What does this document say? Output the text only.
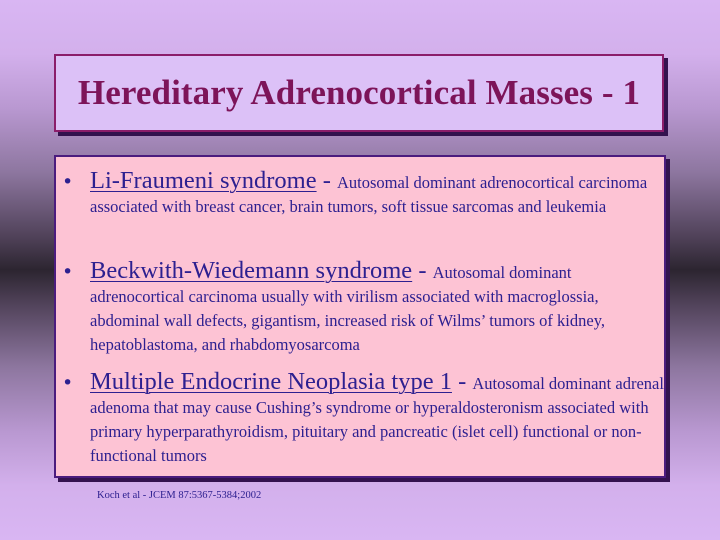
Hereditary Adrenocortical Masses - 1
• Li-Fraumeni syndrome - Autosomal dominant adrenocortical carcinoma associated with breast cancer, brain tumors, soft tissue sarcomas and leukemia
• Beckwith-Wiedemann syndrome - Autosomal dominant adrenocortical carcinoma usually with virilism associated with macroglossia, abdominal wall defects, gigantism, increased risk of Wilms’ tumors of kidney, hepatoblastoma, and rhabdomyosarcoma
• Multiple Endocrine Neoplasia type 1 - Autosomal dominant adrenal adenoma that may cause Cushing’s syndrome or hyperaldosteronism associated with primary hyperparathyroidism, pituitary and pancreatic (islet cell) functional or non-functional tumors
Koch et al - JCEM 87:5367-5384;2002
